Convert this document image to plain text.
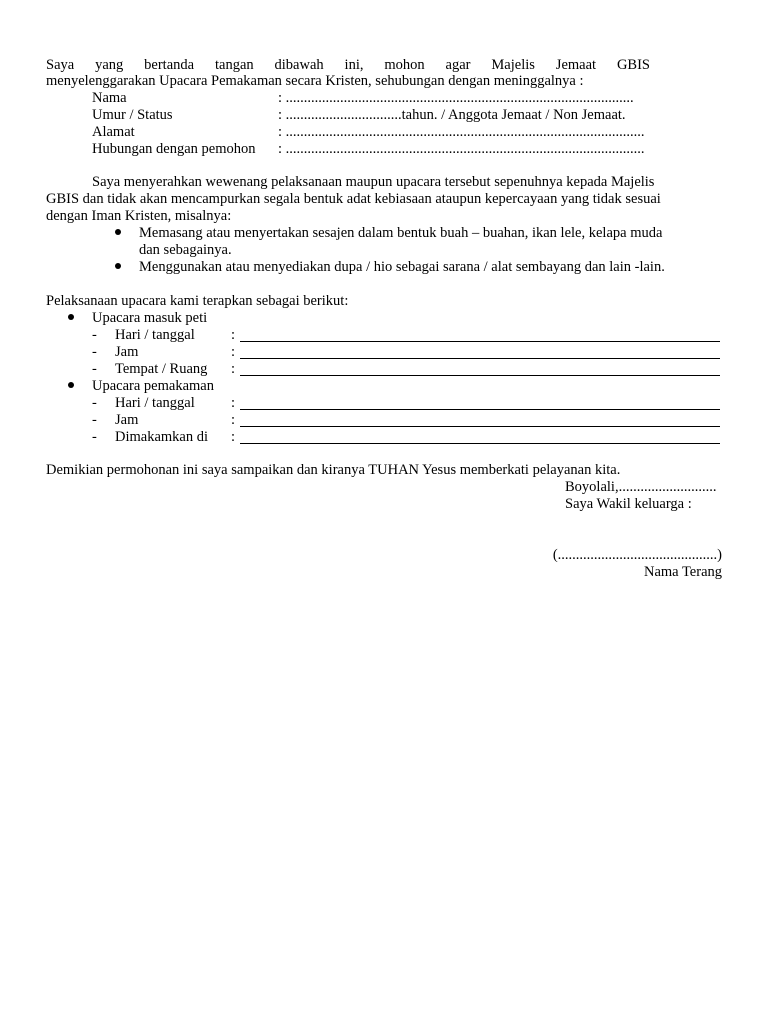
Saya yang bertanda tangan dibawah ini, mohon agar Majelis Jemaat GBIS
menyelenggarakan Upacara Pemakaman secara Kristen, sehubungan dengan meninggalnya :
Nama	: ................................................................................................
Umur / Status	: ................................tahun. / Anggota Jemaat / Non Jemaat.
Alamat	: ...................................................................................................
Hubungan dengan pemohon : ...................................................................................................
Saya menyerahkan wewenang pelaksanaan maupun upacara tersebut sepenuhnya kepada Majelis
GBIS dan tidak akan mencampurkan segala bentuk adat kebiasaan ataupun kepercayaan yang tidak sesuai
dengan Iman Kristen, misalnya:
Memasang atau menyertakan sesajen dalam bentuk buah – buahan, ikan lele, kelapa muda
dan sebagainya.
Menggunakan atau menyediakan dupa / hio sebagai sarana / alat sembayang dan lain -lain.
Pelaksanaan upacara kami terapkan sebagai berikut:
Upacara masuk peti
- Hari / tanggal	:
- Jam	:
- Tempat / Ruang :
Upacara pemakaman
- Hari / tanggal	:
- Jam	:
- Dimakamkan di :
Demikian permohonan ini saya sampaikan dan kiranya TUHAN Yesus memberkati pelayanan kita.
Boyolali,...........................
Saya Wakil keluarga :
(............................................)
Nama Terang
